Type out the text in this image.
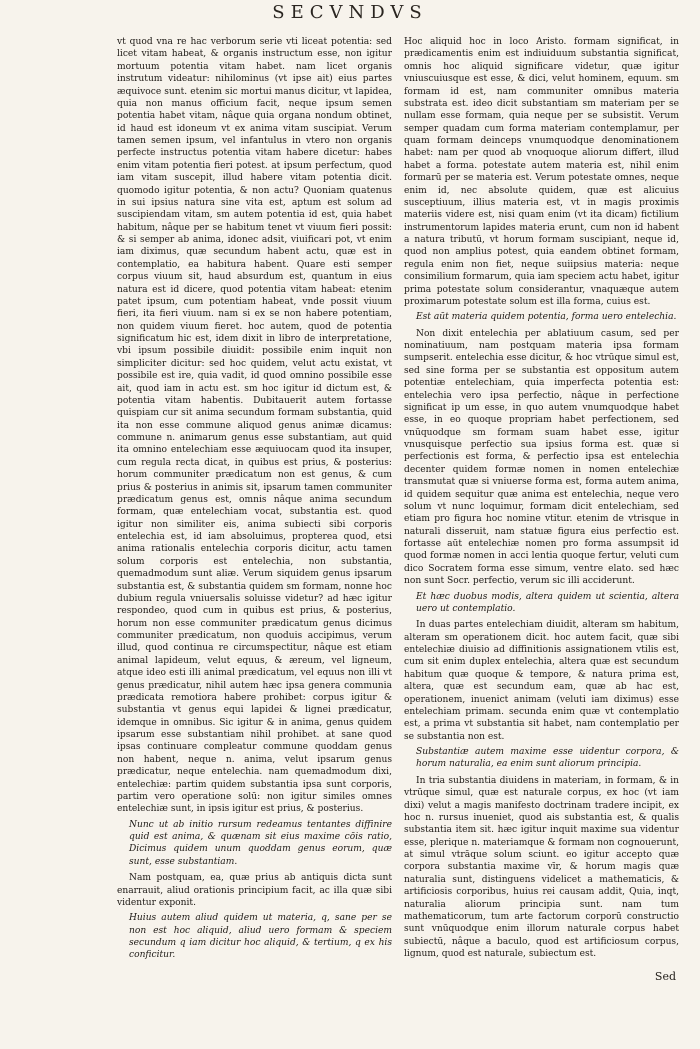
SECVNDVS

vt quod vna re hac verborum serie vti liceat potentia: sed licet vitam habeat, & organis instructum esse, non igitur mortuum potentia vitam habet. nam licet organis instrutum videatur: nihilominus (vt ipse ait) eius partes æquivoce sunt. etenim sic mortui manus dicitur, vt lapidea, quia non manus officium facit, neque ipsum semen potentia habet vitam, nâque quia organa nondum obtinet, id haud est idoneum vt ex anima vitam suscipiat. Verum tamen semen ipsum, vel infantulus in vtero non organis perfecte instructus potentia vitam habere dicetur: habes enim vitam potentia fieri potest. at ipsum perfectum, quod iam vitam suscepit, illud habere vitam potentia dicit. quomodo igitur potentia, & non actu? Quoniam quatenus in sui ipsius natura sine vita est, aptum est solum ad suscipiendam vitam, sm autem potentia id est, quia habet habitum, nâque per se habitum tenet vt viuum fieri possit: & si semper ab anima, idonec adsit, viuificari pot, vt enim iam diximus, quæ secundum habent actu, quæ est in contemplatio, ea habitura habent. Quare esti semper corpus viuum sit, haud absurdum est, quantum in eius natura est id dicere, quod potentia vitam habeat: etenim patet ipsum, cum potentiam habeat, vnde possit viuum fieri, ita fieri viuum. nam si ex se non habere potentiam, non quidem viuum fieret. hoc autem, quod de potentia significatum hic est, idem dixit in libro de interpretatione, vbi ipsum possibile diuidit: possibile enim inquit non simpliciter dicitur: sed hoc quidem, velut actu existat, vt possibile est ire, quia vadit, id quod omnino possibile esse ait, quod iam in actu est. sm hoc igitur id dictum est, & potentia vitam habentis. Dubitauerit autem fortasse quispiam cur sit anima secundum formam substantia, quid ita non esse commune aliquod genus animæ dicamus: commune n. animarum genus esse substantiam, aut quid ita omnino entelechiam esse æquiuocam quod ita insuper, cum regula recta dicat, in quibus est prius, & posterius: horum communiter prædicatum non est genus, & cum prius & posterius in animis sit, ipsarum tamen communiter prædicatum genus est, omnis nâque anima secundum formam, quæ entelechiam vocat, substantia est. quod igitur non similiter eis, anima subiecti sibi corporis entelechia est, id iam absoluimus, propterea quod, etsi anima rationalis entelechia corporis dicitur, actu tamen solum corporis est entelechia, non substantia, quemadmodum sunt aliæ. Verum siquidem genus ipsarum substantia est, & substantia quidem sm formam, nonne hoc dubium regula vniuersalis soluisse videtur? ad hæc igitur respondeo, quod cum in quibus est prius, & posterius, horum non esse communiter prædicatum genus dicimus communiter prædicatum, non quoduis accipimus, verum illud, quod continua re circumspectitur, nâque est etiam animal lapideum, velut equus, & æreum, vel ligneum, atque ideo esti illi animal prædicatum, vel equus non illi vt genus prædicatur, nihil autem hæc ipsa genera communia prædicata remotiora habere prohibet: corpus igitur & substantia vt genus equi lapidei & lignei prædicatur, idemque in omnibus. Sic igitur & in anima, genus quidem ipsarum esse substantiam nihil prohibet. at sane quod ipsas continuare compleatur commune quoddam genus non habent, neque n. anima, velut ipsarum genus prædicatur, neque entelechia. nam quemadmodum dixi, entelechiæ: partim quidem substantia ipsa sunt corporis, partim vero operatione solū: non igitur similes omnes entelechiæ sunt, in ipsis igitur est prius, & posterius.

Nunc ut ab initio rursum redeamus tentantes diffinire quid est anima, & quænam sit eius maxime cōis ratio, Dicimus quidem unum quoddam genus eorum, quæ sunt, esse substantiam.

Nam postquam, ea, quæ prius ab antiquis dicta sunt enarrauit, aliud orationis principium facit, ac illa quæ sibi videntur exponit.

Huius autem aliud quidem ut materia, q, sane per se non est hoc aliquid, aliud uero formam & speciem secundum q iam dicitur hoc aliquid, & tertium, q ex his conficitur.

Hoc aliquid hoc in loco Aristo. formam significat, in prædicamentis enim est indiuiduum substantia significat, omnis hoc aliquid significare videtur, quæ igitur vniuscuiusque est esse, & dici, velut hominem, equum. sm formam id est, nam communiter omnibus materia substrata est. ideo dicit substantiam sm materiam per se nullam esse formam, quia neque per se subsistit. Verum semper quadam cum forma materiam contemplamur, per quam formam deinceps vnumquodque denominationem habet: nam per quod ab vnoquoque aliorum differt, illud habet a forma. potestate autem materia est, nihil enim formarū per se materia est. Verum potestate omnes, neque enim id, nec absolute quidem, quæ est alicuius susceptiuum, illius materia est, vt in magis proximis materiis videre est, nisi quam enim (vt ita dicam) fictilium instrumentorum lapides materia erunt, cum non id habent a natura tributū, vt horum formam suscipiant, neque id, quod non amplius potest, quia eandem obtinet formam, regula enim non fiet, neque suiipsius materia: neque consimilium formarum, quia iam speciem actu habet, igitur prima potestate solum considerantur, vnaquæque autem proximarum potestate solum est illa forma, cuius est.

Est aūt materia quidem potentia, forma uero entelechia.

Non dixit entelechia per ablatiuum casum, sed per nominatiuum, nam postquam materia ipsa formam sumpserit. entelechia esse dicitur, & hoc vtrūque simul est, sed sine forma per se substantia est oppositum autem potentiæ entelechiam, quia imperfecta potentia est: entelechia vero ipsa perfectio, nâque in perfectione significat ip um esse, in quo autem vnumquodque habet esse, in eo quoque propriam habet perfectionem, sed vnūquodque sm formam suam habet esse, igitur vnusquisque perfectio sua ipsius forma est. quæ si perfectionis est forma, & perfectio ipsa est entelechia decenter quidem formæ nomen in nomen entelechiæ transmutat quæ si vniuerse forma est, forma autem anima, id quidem sequitur quæ anima est entelechia, neque vero solum vt nunc loquimur, formam dicit entelechiam, sed etiam pro figura hoc nomine vtitur. etenim de vtrisque in naturali disseruit, nam statuæ figura eius perfectio est. fortasse aūt entelechiæ nomen pro forma assumpsit id quod formæ nomen in acci lentia quoque fertur, veluti cum dico Socratem forma esse simum, ventre elato. sed hæc non sunt Socr. perfectio, verum sic illi acciderunt.

Et hæc duobus modis, altera quidem ut scientia, altera uero ut contemplatio.

In duas partes entelechiam diuidit, alteram sm habitum, alteram sm operationem dicit. hoc autem facit, quæ sibi entelechiæ diuisio ad diffinitionis assignationem vtilis est, cum sit enim duplex entelechia, altera quæ est secundum habitum quæ quoque & tempore, & natura prima est, altera, quæ est secundum eam, quæ ab hac est, operationem, inuenict animam (veluti iam diximus) esse entelechiam primam. secunda enim quæ vt contemplatio est, a prima vt substantia sit habet, nam contemplatio per se substantia non est.

Substantiæ autem maxime esse uidentur corpora, & horum naturalia, ea enim sunt aliorum principia.

In tria substantia diuidens in materiam, in formam, & in vtrūque simul, quæ est naturale corpus, ex hoc (vt iam dixi) velut a magis manifesto doctrinam tradere incipit, ex hoc n. rursus inueniet, quod ais substantia est, & qualis substantia item sit. hæc igitur inquit maxime sua videntur esse, plerique n. materiamque & formam non cognouerunt, at simul vtrāque solum sciunt. eo igitur accepto quæ corpora substantia maxime vīr, & horum magis quæ naturalia sunt, distinguens videlicet a mathematicis, & artificiosis corporibus, huius rei causam addit, Quia, inqt, naturalia aliorum principia sunt. nam tum mathematicorum, tum arte factorum corporū constructio sunt vnūquodque enim illorum naturale corpus habet subiectū, nâque a baculo, quod est artificiosum corpus, lignum, quod est naturale, subiectum est.

Sed
